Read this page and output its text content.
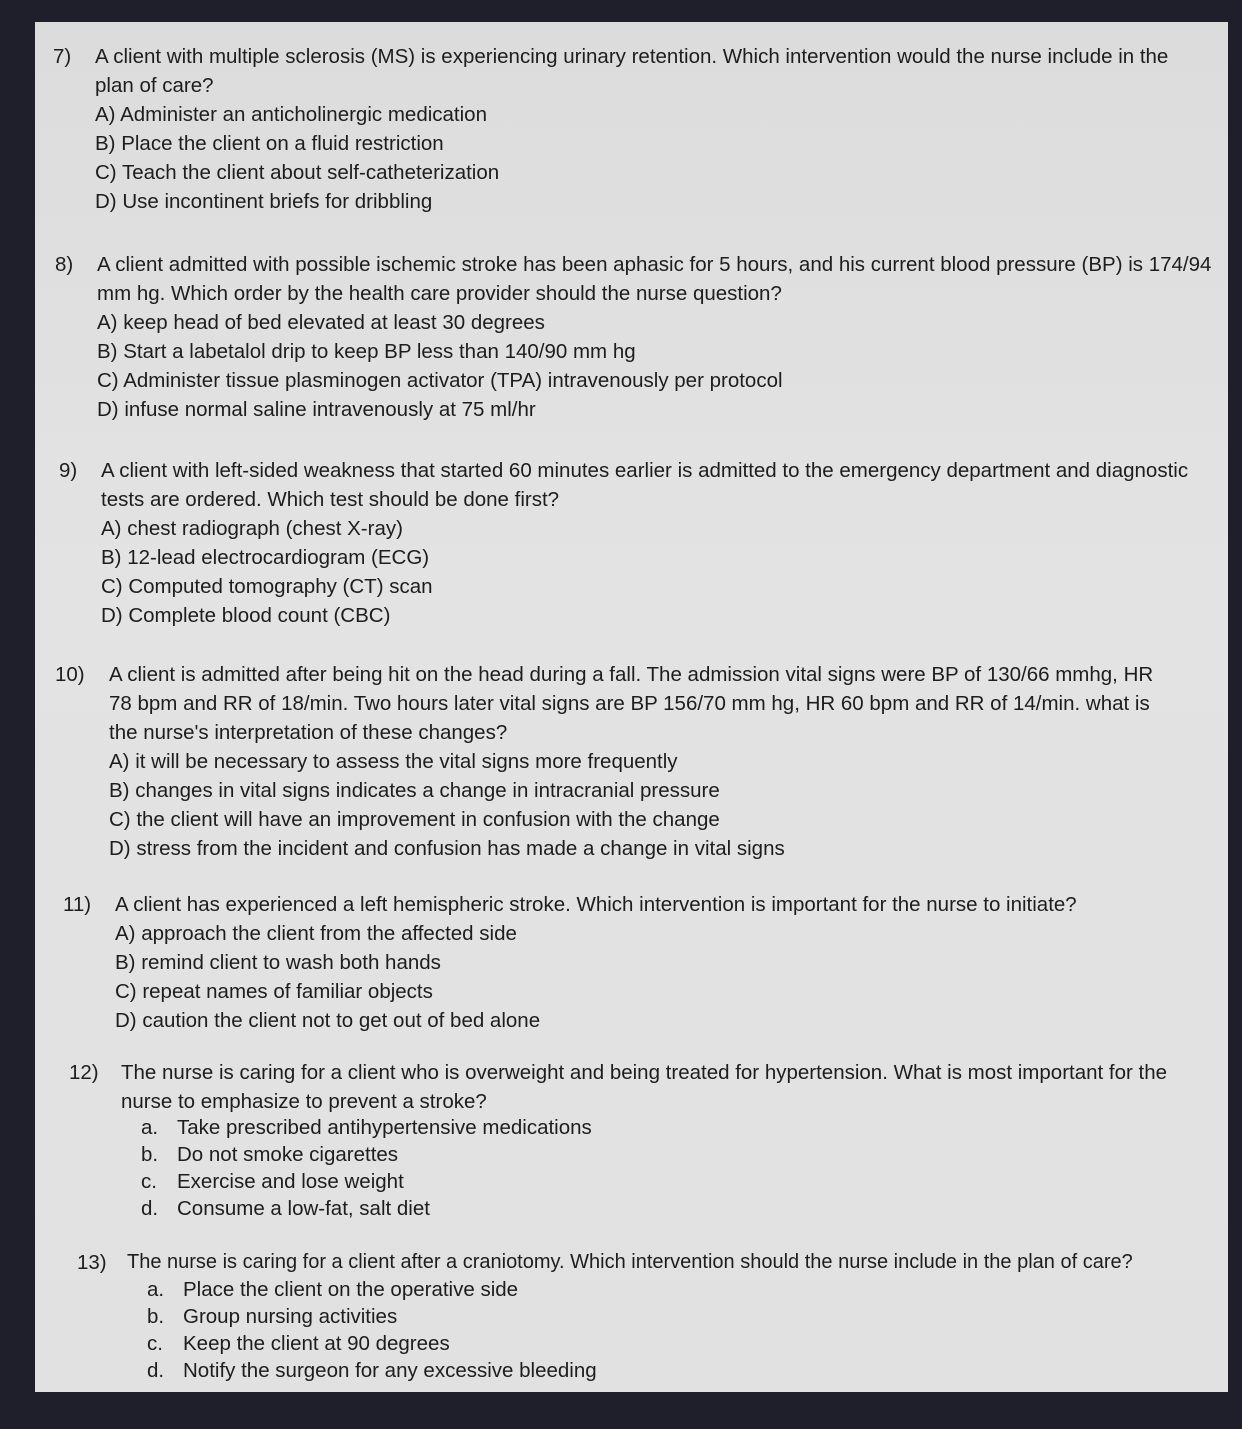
7) A client with multiple sclerosis (MS) is experiencing urinary retention. Which intervention would the nurse include in the plan of care?
A) Administer an anticholinergic medication
B) Place the client on a fluid restriction
C) Teach the client about self-catheterization
D) Use incontinent briefs for dribbling
8) A client admitted with possible ischemic stroke has been aphasic for 5 hours, and his current blood pressure (BP) is 174/94 mm hg. Which order by the health care provider should the nurse question?
A) keep head of bed elevated at least 30 degrees
B) Start a labetalol drip to keep BP less than 140/90 mm hg
C) Administer tissue plasminogen activator (TPA) intravenously per protocol
D) infuse normal saline intravenously at 75 ml/hr
9) A client with left-sided weakness that started 60 minutes earlier is admitted to the emergency department and diagnostic tests are ordered. Which test should be done first?
A) chest radiograph (chest X-ray)
B) 12-lead electrocardiogram (ECG)
C) Computed tomography (CT) scan
D) Complete blood count (CBC)
10) A client is admitted after being hit on the head during a fall. The admission vital signs were BP of 130/66 mmhg, HR 78 bpm and RR of 18/min. Two hours later vital signs are BP 156/70 mm hg, HR 60 bpm and RR of 14/min. what is the nurse's interpretation of these changes?
A) it will be necessary to assess the vital signs more frequently
B) changes in vital signs indicates a change in intracranial pressure
C) the client will have an improvement in confusion with the change
D) stress from the incident and confusion has made a change in vital signs
11) A client has experienced a left hemispheric stroke. Which intervention is important for the nurse to initiate?
A) approach the client from the affected side
B) remind client to wash both hands
C) repeat names of familiar objects
D) caution the client not to get out of bed alone
12) The nurse is caring for a client who is overweight and being treated for hypertension. What is most important for the nurse to emphasize to prevent a stroke?
a. Take prescribed antihypertensive medications
b. Do not smoke cigarettes
c. Exercise and lose weight
d. Consume a low-fat, salt diet
13) The nurse is caring for a client after a craniotomy. Which intervention should the nurse include in the plan of care?
a. Place the client on the operative side
b. Group nursing activities
c. Keep the client at 90 degrees
d. Notify the surgeon for any excessive bleeding
